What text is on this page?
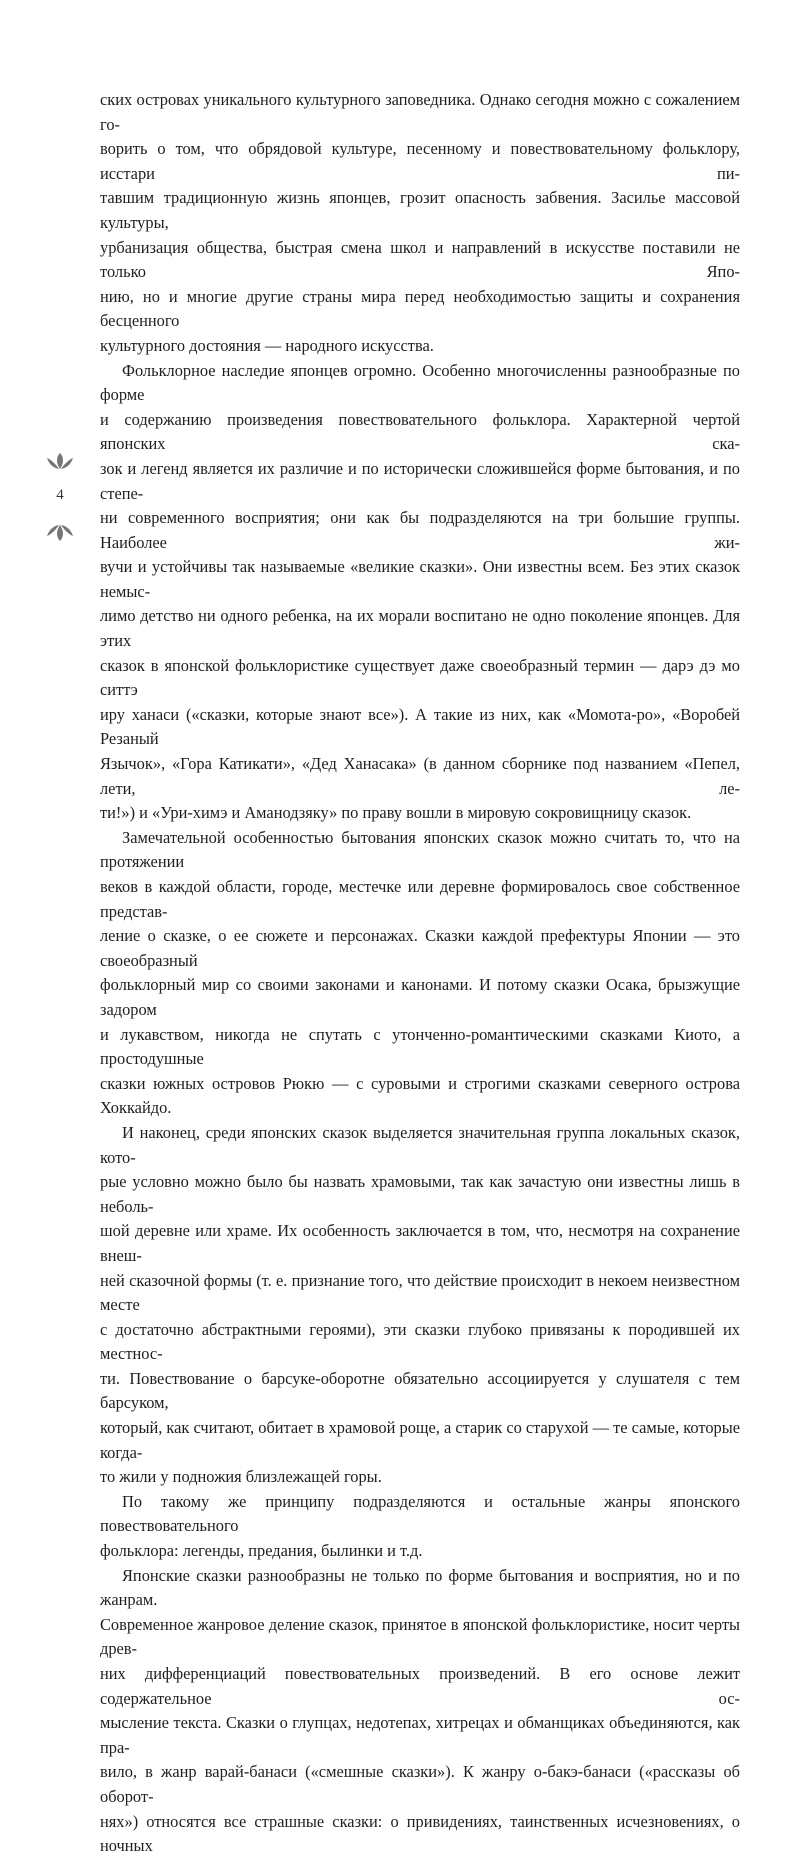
4

ских островах уникального культурного заповедника. Однако сегодня можно с сожалением го-
ворить о том, что обрядовой культуре, песенному и повествовательному фольклору, исстари пи-
тавшим традиционную жизнь японцев, грозит опасность забвения. Засилье массовой культуры,
урбанизация общества, быстрая смена школ и направлений в искусстве поставили не только Япо-
нию, но и многие другие страны мира перед необходимостью защиты и сохранения бесценного
культурного достояния — народного искусства.

Фольклорное наследие японцев огромно. Особенно многочисленны разнообразные по форме
и содержанию произведения повествовательного фольклора. Характерной чертой японских ска-
зок и легенд является их различие и по исторически сложившейся форме бытования, и по степе-
ни современного восприятия; они как бы подразделяются на три большие группы. Наиболее жи-
вучи и устойчивы так называемые «великие сказки». Они известны всем. Без этих сказок немыс-
лимо детство ни одного ребенка, на их морали воспитано не одно поколение японцев. Для этих
сказок в японской фольклористике существует даже своеобразный термин — дарэ дэ мо ситтэ
иру ханаси («сказки, которые знают все»). А такие из них, как «Момота-ро», «Воробей Резаный
Язычок», «Гора Катикати», «Дед Ханасака» (в данном сборнике под названием «Пепел, лети, ле-
ти!») и «Ури-химэ и Аманодзяку» по праву вошли в мировую сокровищницу сказок.

Замечательной особенностью бытования японских сказок можно считать то, что на протяжении
веков в каждой области, городе, местечке или деревне формировалось свое собственное представ-
ление о сказке, о ее сюжете и персонажах. Сказки каждой префектуры Японии — это своеобразный
фольклорный мир со своими законами и канонами. И потому сказки Осака, брызжущие задором
и лукавством, никогда не спутать с утонченно-романтическими сказками Киото, а простодушные
сказки южных островов Рюкю — с суровыми и строгими сказками северного острова Хоккайдо.

И наконец, среди японских сказок выделяется значительная группа локальных сказок, кото-
рые условно можно было бы назвать храмовыми, так как зачастую они известны лишь в неболь-
шой деревне или храме. Их особенность заключается в том, что, несмотря на сохранение внеш-
ней сказочной формы (т. е. признание того, что действие происходит в некоем неизвестном месте
с достаточно абстрактными героями), эти сказки глубоко привязаны к породившей их местнос-
ти. Повествование о барсуке-оборотне обязательно ассоциируется у слушателя с тем барсуком,
который, как считают, обитает в храмовой роще, а старик со старухой — те самые, которые когда-
то жили у подножия близлежащей горы.

По такому же принципу подразделяются и остальные жанры японского повествовательного
фольклора: легенды, предания, былинки и т.д.

Японские сказки разнообразны не только по форме бытования и восприятия, но и по жанрам.
Современное жанровое деление сказок, принятое в японской фольклористике, носит черты древ-
них дифференциаций повествовательных произведений. В его основе лежит содержательное ос-
мысление текста. Сказки о глупцах, недотепах, хитрецах и обманщиках объединяются, как пра-
вило, в жанр варай-банаси («смешные сказки»). К жанру о-бакэ-банаси («рассказы об оборот-
нях») относятся все страшные сказки: о привидениях, таинственных исчезновениях, о ночных
